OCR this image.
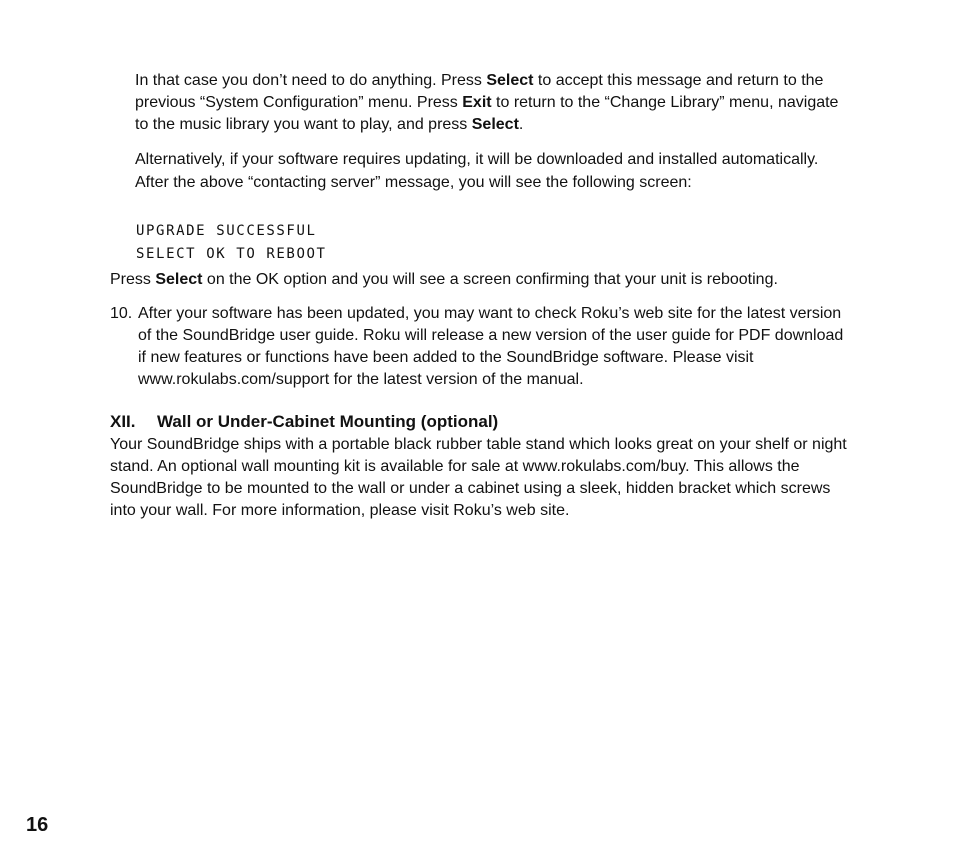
In that case you don’t need to do anything. Press Select to accept this message and return to the previous “System Configuration” menu. Press Exit to return to the “Change Library” menu, navigate to the music library you want to play, and press Select.

Alternatively, if your software requires updating, it will be downloaded and installed automatically. After the above “contacting server” message, you will see the following screen:

UPGRADE SUCCESSFUL
SELECT OK TO REBOOT

Press Select on the OK option and you will see a screen confirming that your unit is rebooting.

10. After your software has been updated, you may want to check Roku’s web site for the latest version of the SoundBridge user guide. Roku will release a new version of the user guide for PDF download if new features or functions have been added to the SoundBridge software. Please visit www.rokulabs.com/support for the latest version of the manual.
XII. Wall or Under-Cabinet Mounting (optional)

Your SoundBridge ships with a portable black rubber table stand which looks great on your shelf or night stand. An optional wall mounting kit is available for sale at www.rokulabs.com/buy. This allows the SoundBridge to be mounted to the wall or under a cabinet using a sleek, hidden bracket which screws into your wall. For more information, please visit Roku’s web site.

16
